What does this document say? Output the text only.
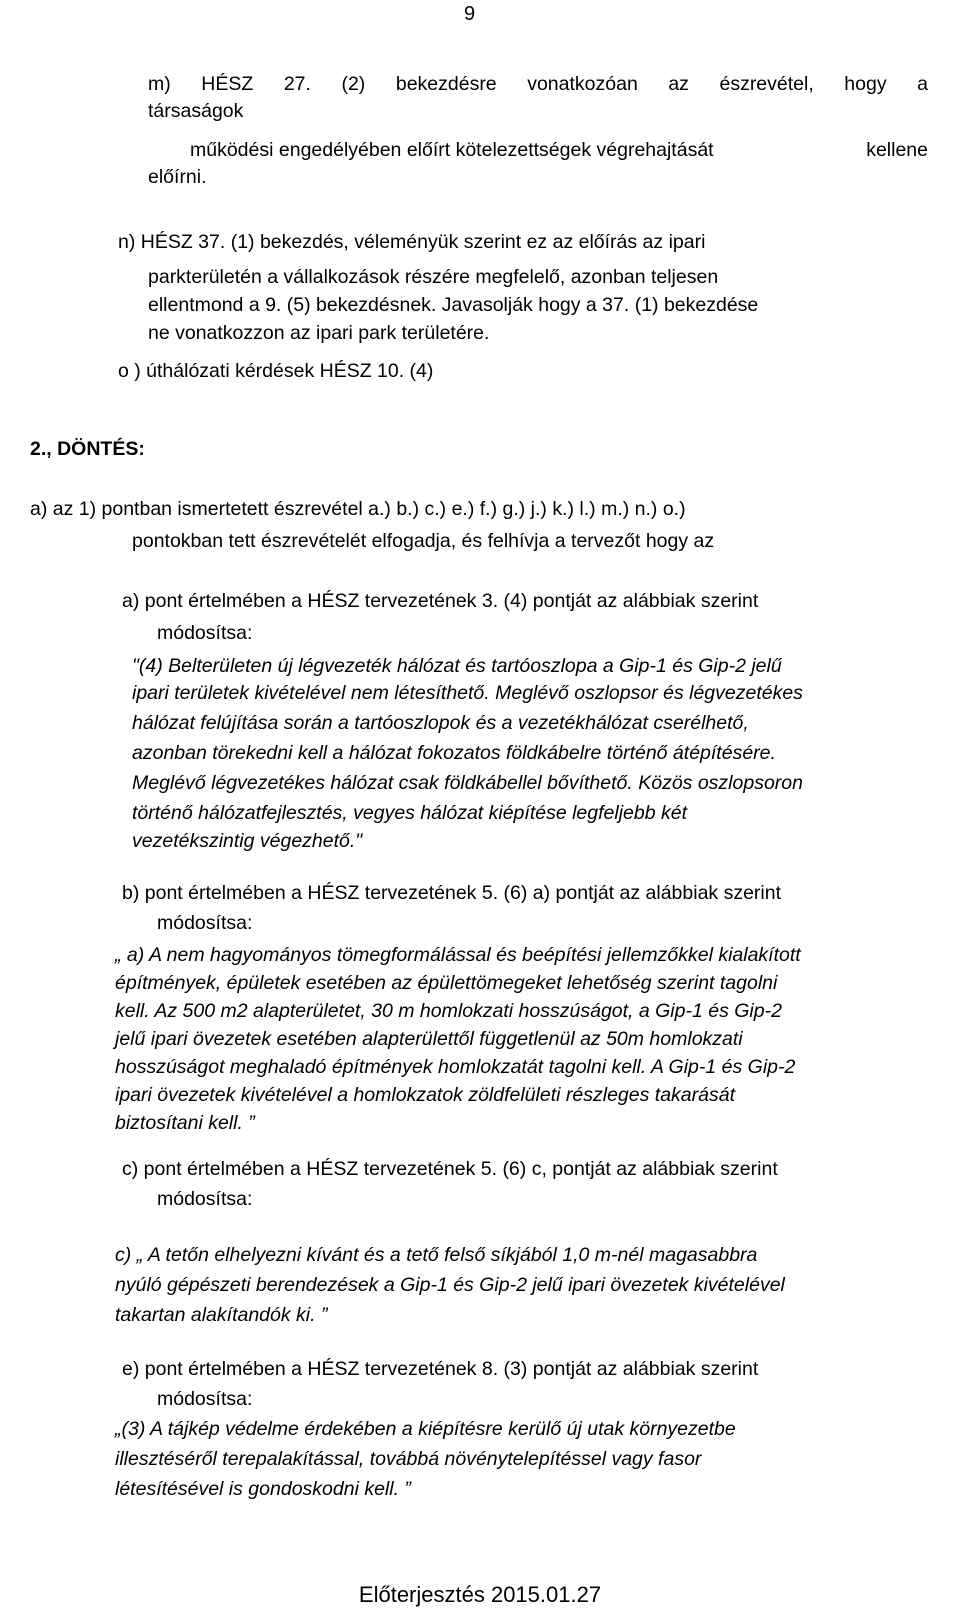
9
m) HÉSZ 27. (2) bekezdésre vonatkozóan az észrevétel, hogy a
társaságok
működési engedélyében előírt kötelezettségek végrehajtását	kellene
előírni.
n) HÉSZ 37. (1) bekezdés, véleményük szerint ez az előírás az ipari
parkterületén a vállalkozások részére megfelelő, azonban teljesen
ellentmond a 9. (5) bekezdésnek. Javasolják hogy a 37. (1) bekezdése
ne vonatkozzon az ipari park területére.
o ) úthálózati kérdések HÉSZ 10. (4)
2., DÖNTÉS:
a) az 1) pontban ismertetett észrevétel a.) b.) c.) e.) f.) g.) j.) k.) l.) m.) n.) o.)
pontokban tett észrevételét elfogadja, és felhívja a tervezőt hogy az
a) pont értelmében a HÉSZ tervezetének 3. (4) pontját az alábbiak szerint
módosítsa:
"(4) Belterületen új légvezeték hálózat és tartóoszlopa a Gip-1 és Gip-2 jelű
ipari területek kivételével nem létesíthető. Meglévő oszlopsor és légvezetékes
hálózat felújítása során a tartóoszlopok és a vezetékhálózat cserélhető,
azonban törekedni kell a hálózat fokozatos földkábelre történő átépítésére.
Meglévő légvezetékes hálózat csak földkábellel bővíthető. Közös oszlopsoron
történő hálózatfejlesztés, vegyes hálózat kiépítése legfeljebb két
vezetékszintig végezhető."
b) pont értelmében a HÉSZ tervezetének 5. (6) a) pontját az alábbiak szerint
módosítsa:
„ a) A nem hagyományos tömegformálással és beépítési jellemzőkkel kialakított
építmények, épületek esetében az épülettömegeket lehetőség szerint tagolni
kell. Az 500 m2 alapterületet, 30 m homlokzati hosszúságot, a Gip-1 és Gip-2
jelű ipari övezetek esetében alapterülettől függetlenül az 50m homlokzati
hosszúságot meghaladó építmények homlokzatát tagolni kell. A Gip-1 és Gip-2
ipari övezetek kivételével a homlokzatok zöldfelületi részleges takarását
biztosítani kell. ”
c) pont értelmében a HÉSZ tervezetének 5. (6) c, pontját az alábbiak szerint
módosítsa:
c) „ A tetőn elhelyezni kívánt és a tető felső síkjából 1,0 m-nél magasabbra
nyúló gépészeti berendezések a Gip-1 és Gip-2 jelű ipari övezetek kivételével
takartan alakítandók ki. ”
e) pont értelmében a HÉSZ tervezetének 8. (3) pontját az alábbiak szerint
módosítsa:
„(3) A tájkép védelme érdekében a kiépítésre kerülő új utak környezetbe
illesztéséről terepalakítással, továbbá növénytelepítéssel vagy fasor
létesítésével is gondoskodni kell. ”
Előterjesztés 2015.01.27
